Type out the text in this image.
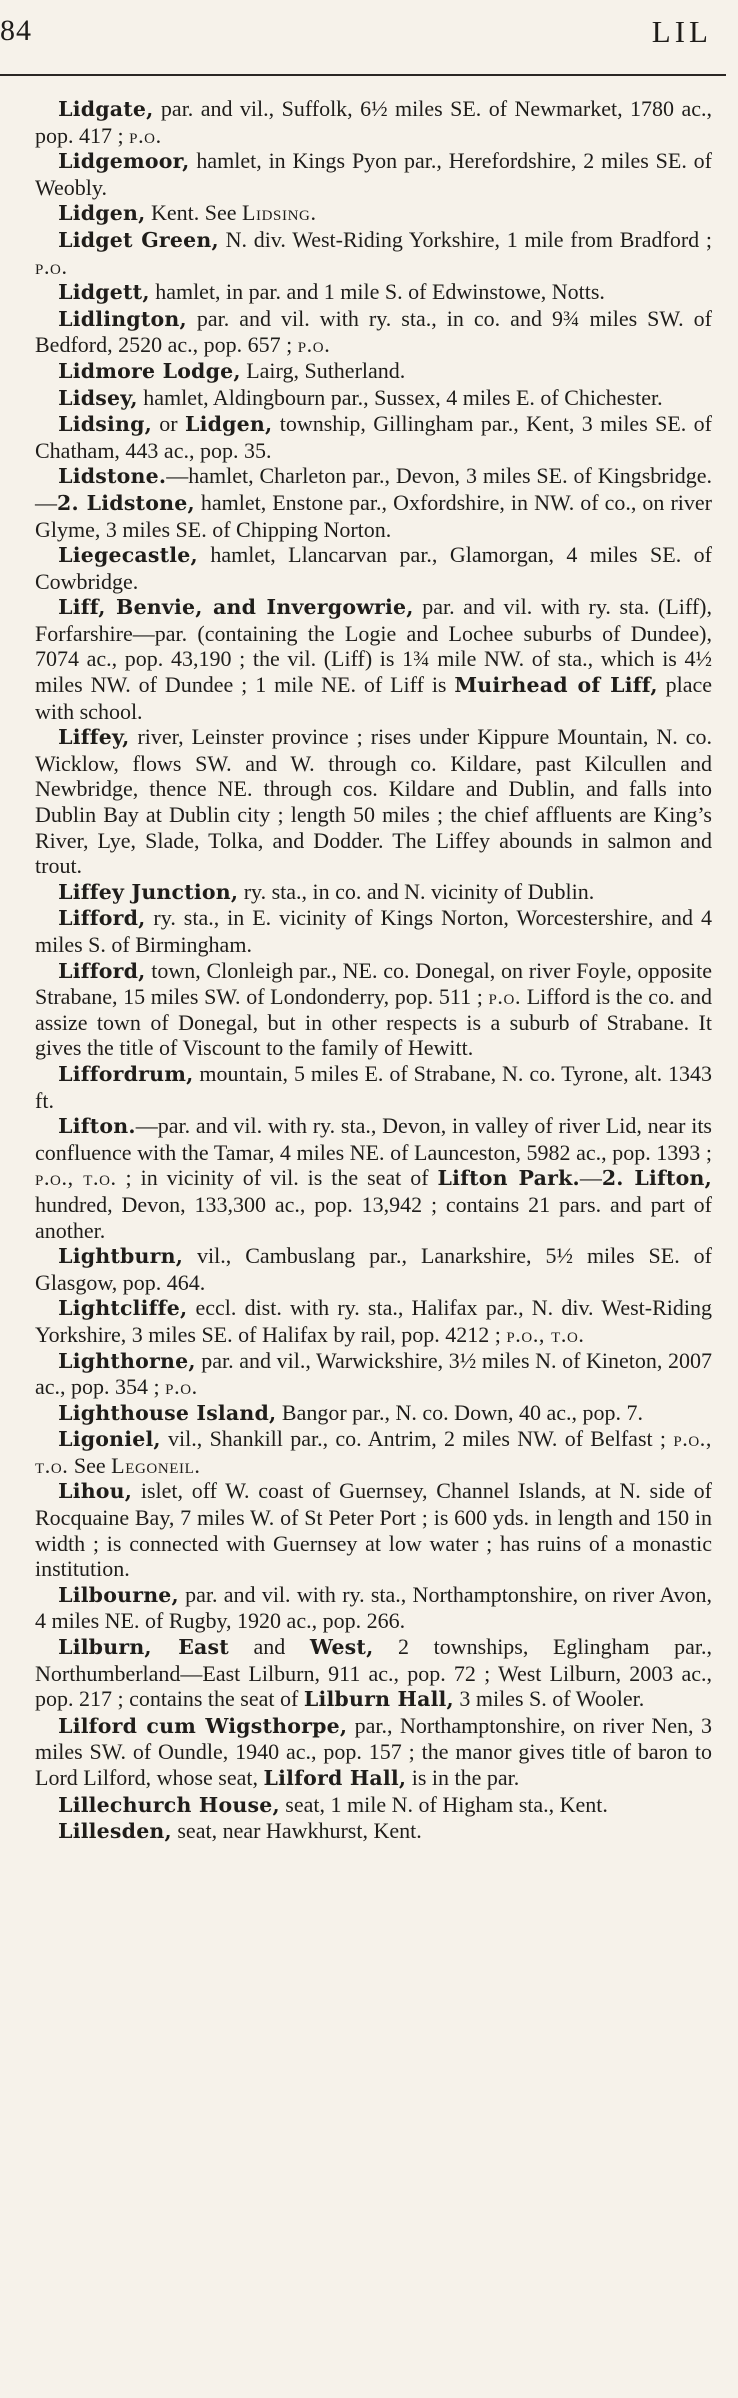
84	LIL

Lidgate, par. and vil., Suffolk, 6½ miles SE. of Newmarket, 1780 ac., pop. 417 ; p.o.

Lidgemoor, hamlet, in Kings Pyon par., Herefordshire, 2 miles SE. of Weobly.

Lidgen, Kent. See Lidsing.

Lidget Green, N. div. West-Riding Yorkshire, 1 mile from Bradford ; p.o.

Lidgett, hamlet, in par. and 1 mile S. of Edwinstowe, Notts.

Lidlington, par. and vil. with ry. sta., in co. and 9¾ miles SW. of Bedford, 2520 ac., pop. 657 ; p.o.

Lidmore Lodge, Lairg, Sutherland.

Lidsey, hamlet, Aldingbourn par., Sussex, 4 miles E. of Chichester.

Lidsing, or Lidgen, township, Gillingham par., Kent, 3 miles SE. of Chatham, 443 ac., pop. 35.

Lidstone.—hamlet, Charleton par., Devon, 3 miles SE. of Kingsbridge.—2. Lidstone, hamlet, Enstone par., Oxfordshire, in NW. of co., on river Glyme, 3 miles SE. of Chipping Norton.

Liegecastle, hamlet, Llancarvan par., Glamorgan, 4 miles SE. of Cowbridge.

Liff, Benvie, and Invergowrie, par. and vil. with ry. sta. (Liff), Forfarshire—par. (containing the Logie and Lochee suburbs of Dundee), 7074 ac., pop. 43,190 ; the vil. (Liff) is 1¾ mile NW. of sta., which is 4½ miles NW. of Dundee ; 1 mile NE. of Liff is Muirhead of Liff, place with school.

Liffey, river, Leinster province ; rises under Kippure Mountain, N. co. Wicklow, flows SW. and W. through co. Kildare, past Kilcullen and Newbridge, thence NE. through cos. Kildare and Dublin, and falls into Dublin Bay at Dublin city ; length 50 miles ; the chief affluents are King’s River, Lye, Slade, Tolka, and Dodder. The Liffey abounds in salmon and trout.

Liffey Junction, ry. sta., in co. and N. vicinity of Dublin.

Lifford, ry. sta., in E. vicinity of Kings Norton, Worcestershire, and 4 miles S. of Birmingham.

Lifford, town, Clonleigh par., NE. co. Donegal, on river Foyle, opposite Strabane, 15 miles SW. of Londonderry, pop. 511 ; p.o. Lifford is the co. and assize town of Donegal, but in other respects is a suburb of Strabane. It gives the title of Viscount to the family of Hewitt.

Liffordrum, mountain, 5 miles E. of Strabane, N. co. Tyrone, alt. 1343 ft.

Lifton.—par. and vil. with ry. sta., Devon, in valley of river Lid, near its confluence with the Tamar, 4 miles NE. of Launceston, 5982 ac., pop. 1393 ; p.o., t.o. ; in vicinity of vil. is the seat of Lifton Park.—2. Lifton, hundred, Devon, 133,300 ac., pop. 13,942 ; contains 21 pars. and part of another.

Lightburn, vil., Cambuslang par., Lanarkshire, 5½ miles SE. of Glasgow, pop. 464.

Lightcliffe, eccl. dist. with ry. sta., Halifax par., N. div. West-Riding Yorkshire, 3 miles SE. of Halifax by rail, pop. 4212 ; p.o., t.o.

Lighthorne, par. and vil., Warwickshire, 3½ miles N. of Kineton, 2007 ac., pop. 354 ; p.o.

Lighthouse Island, Bangor par., N. co. Down, 40 ac., pop. 7.

Ligoniel, vil., Shankill par., co. Antrim, 2 miles NW. of Belfast ; p.o., t.o. See Legoneil.

Lihou, islet, off W. coast of Guernsey, Channel Islands, at N. side of Rocquaine Bay, 7 miles W. of St Peter Port ; is 600 yds. in length and 150 in width ; is connected with Guernsey at low water ; has ruins of a monastic institution.

Lilbourne, par. and vil. with ry. sta., Northamptonshire, on river Avon, 4 miles NE. of Rugby, 1920 ac., pop. 266.

Lilburn, East and West, 2 townships, Eglingham par., Northumberland—East Lilburn, 911 ac., pop. 72 ; West Lilburn, 2003 ac., pop. 217 ; contains the seat of Lilburn Hall, 3 miles S. of Wooler.

Lilford cum Wigsthorpe, par., Northamptonshire, on river Nen, 3 miles SW. of Oundle, 1940 ac., pop. 157 ; the manor gives title of baron to Lord Lilford, whose seat, Lilford Hall, is in the par.

Lillechurch House, seat, 1 mile N. of Higham sta., Kent.

Lillesden, seat, near Hawkhurst, Kent.
